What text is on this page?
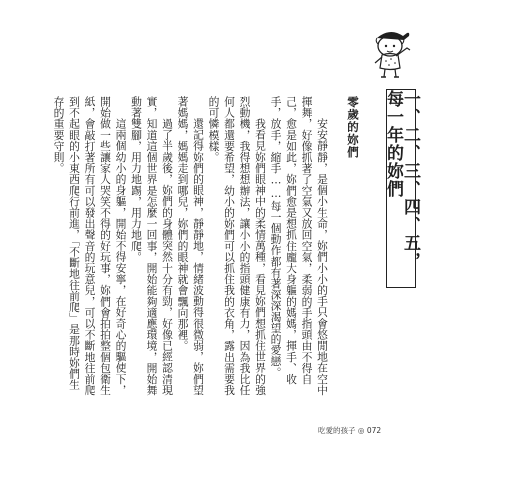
一、二、三、四、五，每一年的妳們
零歲的妳們

安安靜靜，是個小生命，妳們小小的手只會悠閒地在空中揮舞，好像抓著了空氣又放回空氣，柔弱的手指頭由不得自己，愈是如此，妳們愈是想抓住龐大身軀的媽媽，揮手、收手，放手，縮手……每一個動作都有著深深渴望的愛戀。

我看見妳們眼神中的柔情萬種，看見妳們想抓住世界的強烈動機，我得想想辦法，讓小小的指頭健康有力，因為我比任何人都還要希望，幼小的妳們可以抓住我的衣角，露出需要我的可憐模樣。

還記得妳們的眼神，靜靜地，情緒波動得很微弱，妳們望著媽媽，媽媽走到哪兒，妳們的眼神就會飄向那裡。

過了半歲後，妳們的身體突然十分有勁，好像已經認清現實，知道這個世界是怎麼一回事，開始能夠適應環境，開始舞動著雙腳，用力地踢，用力地爬。

這兩個幼小的身軀，開始不得安寧，在好奇心的驅使下，開始做一些讓家人哭笑不得的好玩事，妳們會拍拍整個包衛生紙，會敲打著所有可以發出聲音的玩意兒，可以不斷地往前爬到不起眼的小東西爬行前進，「不斷地往前爬」是那時妳們生存的重要守則。

吃愛的孩子 ◎ 072
